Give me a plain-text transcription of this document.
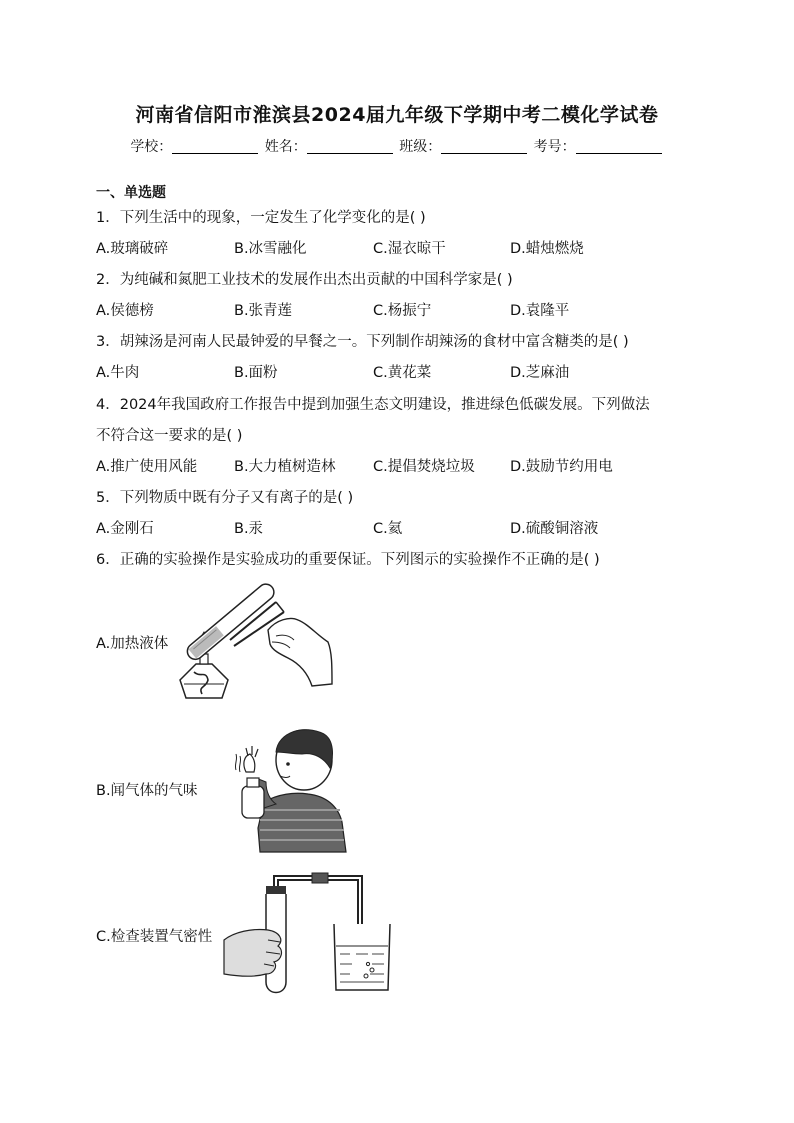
河南省信阳市淮滨县2024届九年级下学期中考二模化学试卷
学校：	姓名：	班级：	考号：
一、单选题
1．下列生活中的现象，一定发生了化学变化的是( )
A.玻璃破碎	B.冰雪融化	C.湿衣晾干	D.蜡烛燃烧
2．为纯碱和氮肥工业技术的发展作出杰出贡献的中国科学家是( )
A.侯德榜	B.张青莲	C.杨振宁	D.袁隆平
3．胡辣汤是河南人民最钟爱的早餐之一。下列制作胡辣汤的食材中富含糖类的是( )
A.牛肉	B.面粉	C.黄花菜	D.芝麻油
4．2024年我国政府工作报告中提到加强生态文明建设，推进绿色低碳发展。下列做法
不符合这一要求的是( )
A.推广使用风能	B.大力植树造林	C.提倡焚烧垃圾 D.鼓励节约用电
5．下列物质中既有分子又有离子的是( )
A.金刚石	B.汞	C.氦	D.硫酸铜溶液
6．正确的实验操作是实验成功的重要保证。下列图示的实验操作不正确的是( )
A.加热液体
B.闻气体的气味
C.检查装置气密性
